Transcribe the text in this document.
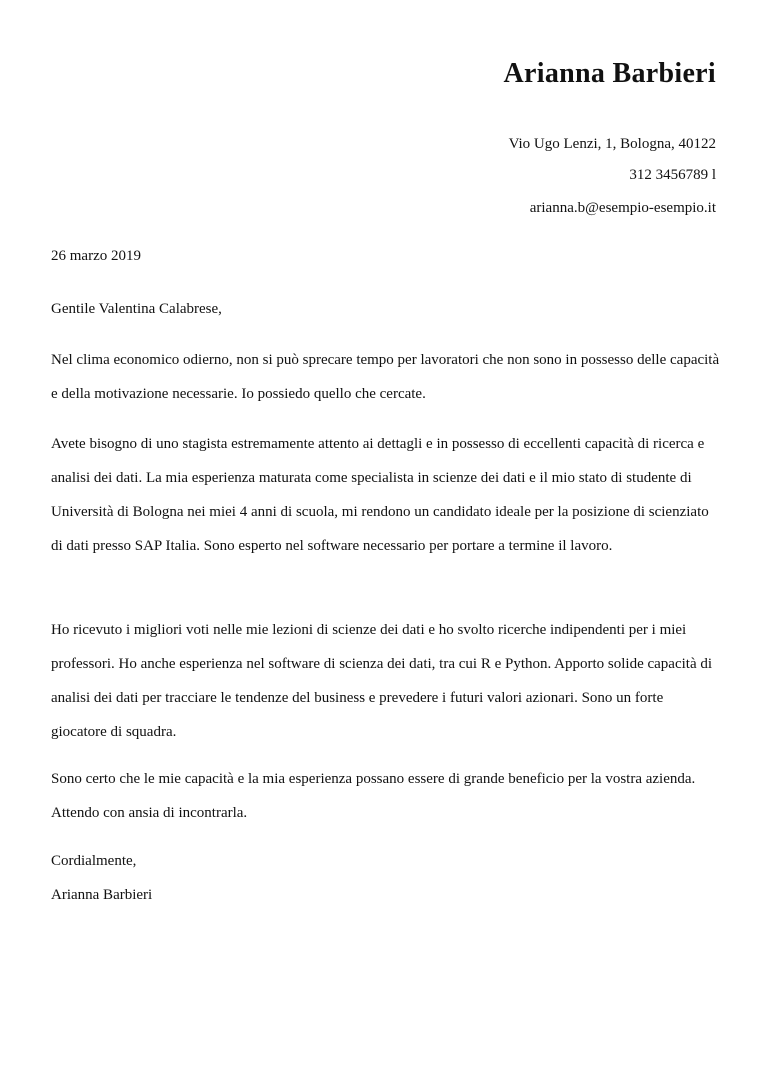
Arianna Barbieri
Vio Ugo Lenzi, 1, Bologna, 40122
312 3456789 l
arianna.b@esempio-esempio.it
26 marzo 2019
Gentile Valentina Calabrese,

Nel clima economico odierno, non si può sprecare tempo per lavoratori che non sono in possesso delle capacità e della motivazione necessarie. Io possiedo quello che cercate.

Avete bisogno di uno stagista estremamente attento ai dettagli e in possesso di eccellenti capacità di ricerca e analisi dei dati. La mia esperienza maturata come specialista in scienze dei dati e il mio stato di studente di Università di Bologna nei miei 4 anni di scuola, mi rendono un candidato ideale per la posizione di scienziato di dati presso SAP Italia. Sono esperto nel software necessario per portare a termine il lavoro.

Ho ricevuto i migliori voti nelle mie lezioni di scienze dei dati e ho svolto ricerche indipendenti per i miei professori. Ho anche esperienza nel software di scienza dei dati, tra cui R e Python. Apporto solide capacità di analisi dei dati per tracciare le tendenze del business e prevedere i futuri valori azionari. Sono un forte giocatore di squadra.

Sono certo che le mie capacità e la mia esperienza possano essere di grande beneficio per la vostra azienda. Attendo con ansia di incontrarla.

Cordialmente,
Arianna Barbieri
